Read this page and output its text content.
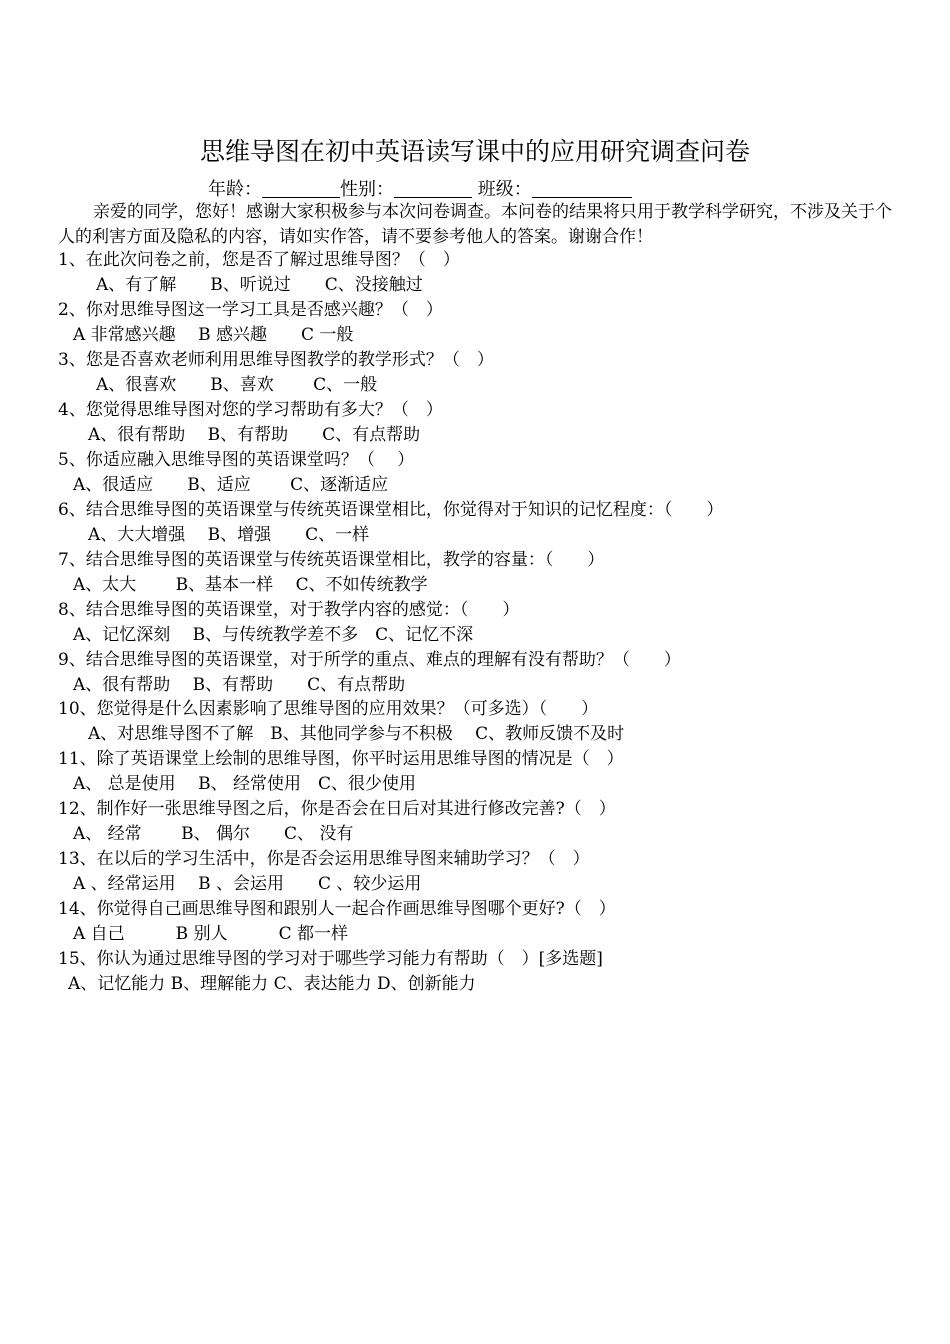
思维导图在初中英语读写课中的应用研究调查问卷
年龄：	性别：	班级：
亲爱的同学，您好！感谢大家积极参与本次问卷调查。本问卷的结果将只用于教学科学研究，不涉及关于个人的利害方面及隐私的内容，请如实作答，请不要参考他人的答案。谢谢合作！
1、在此次问卷之前，您是否了解过思维导图？（　）
A、有了解　　B、听说过　　C、没接触过
2、你对思维导图这一学习工具是否感兴趣？（　）
A 非常感兴趣　 B 感兴趣　　C 一般
3、您是否喜欢老师利用思维导图教学的教学形式？（　）
A、很喜欢　　B、喜欢　　 C、一般
4、您觉得思维导图对您的学习帮助有多大？（　）
A、很有帮助　 B、有帮助　　C、有点帮助
5、你适应融入思维导图的英语课堂吗？（　 ）
A、很适应　　B、适应　　 C、逐渐适应
6、结合思维导图的英语课堂与传统英语课堂相比，你觉得对于知识的记忆程度：（　　）
A、大大增强　 B、增强　　C、一样
7、结合思维导图的英语课堂与传统英语课堂相比，教学的容量：（　　）
A、太大　　 B、基本一样　 C、不如传统教学
8、结合思维导图的英语课堂，对于教学内容的感觉：（　　）
A、记忆深刻　 B、与传统教学差不多　C、记忆不深
9、结合思维导图的英语课堂，对于所学的重点、难点的理解有没有帮助？（　　）
A、很有帮助　 B、有帮助　　C、有点帮助
10、您觉得是什么因素影响了思维导图的应用效果？（可多选）（　　）
A、对思维导图不了解　B、其他同学参与不积极　 C、教师反馈不及时
11、除了英语课堂上绘制的思维导图，你平时运用思维导图的情况是（　）
A、 总是使用　 B、 经常使用　C、很少使用
12、制作好一张思维导图之后，你是否会在日后对其进行修改完善?（　）
A、 经常　　 B、 偶尔　　C、 没有
13、在以后的学习生活中，你是否会运用思维导图来辅助学习？（　）
A 、经常运用　 B 、会运用　　C 、较少运用
14、你觉得自己画思维导图和跟别人一起合作画思维导图哪个更好?（　）
A 自己　　　B 别人　　　C 都一样
15、你认为通过思维导图的学习对于哪些学习能力有帮助（　）[多选题]
A、记忆能力 B、理解能力 C、表达能力 D、创新能力
